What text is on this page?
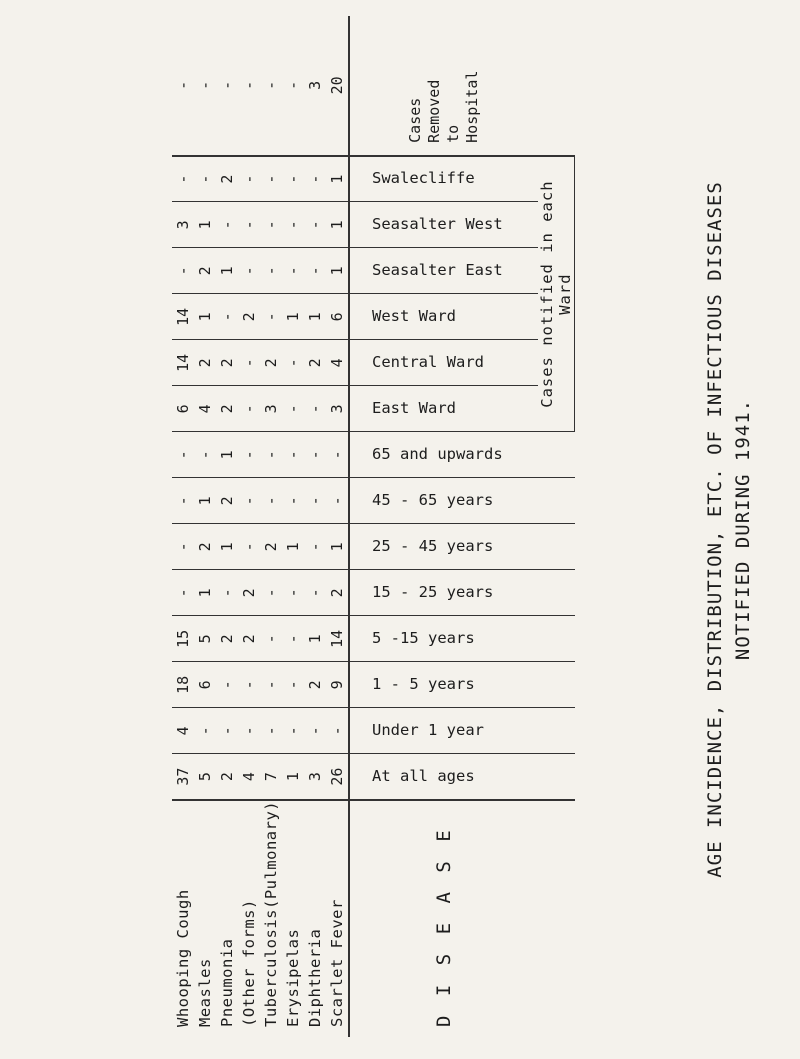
AGE INCIDENCE, DISTRIBUTION, ETC. OF INFECTIOUS DISEASES NOTIFIED DURING 1941.
Whooping Cough	37	4	18	15	-	-	-	-	6	14	14	-	3	-	-
Measles	5	-	6	5	1	2	1	-	4	2	1	2	1	-	-
Pneumonia	2	-	-	2	-	1	2	1	2	2	-	1	-	2	-
(Other forms)	4	-	-	2	2	-	-	-	-	-	2	-	-	-	-
Tuberculosis(Pulmonary)	7	-	-	-	-	2	-	-	3	2	-	-	-	-	-
Erysipelas	1	-	-	-	-	1	-	-	-	-	1	-	-	-	-
Diphtheria	3	-	2	1	-	-	-	-	-	2	1	-	-	-	3
Scarlet Fever	26	-	9	14	2	1	-	-	3	4	6	1	1	1	20
D I S E A S E	At all ages	Under 1 year	1 - 5 years	5 -15 years	15 - 25 years	25 - 45 years	45 - 65 years	65 and upwards	East Ward	Central Ward	West Ward	Seasalter East	Seasalter West	Swalecliffe	Cases Removed to Hospital

									Cases notified in each Ward						
